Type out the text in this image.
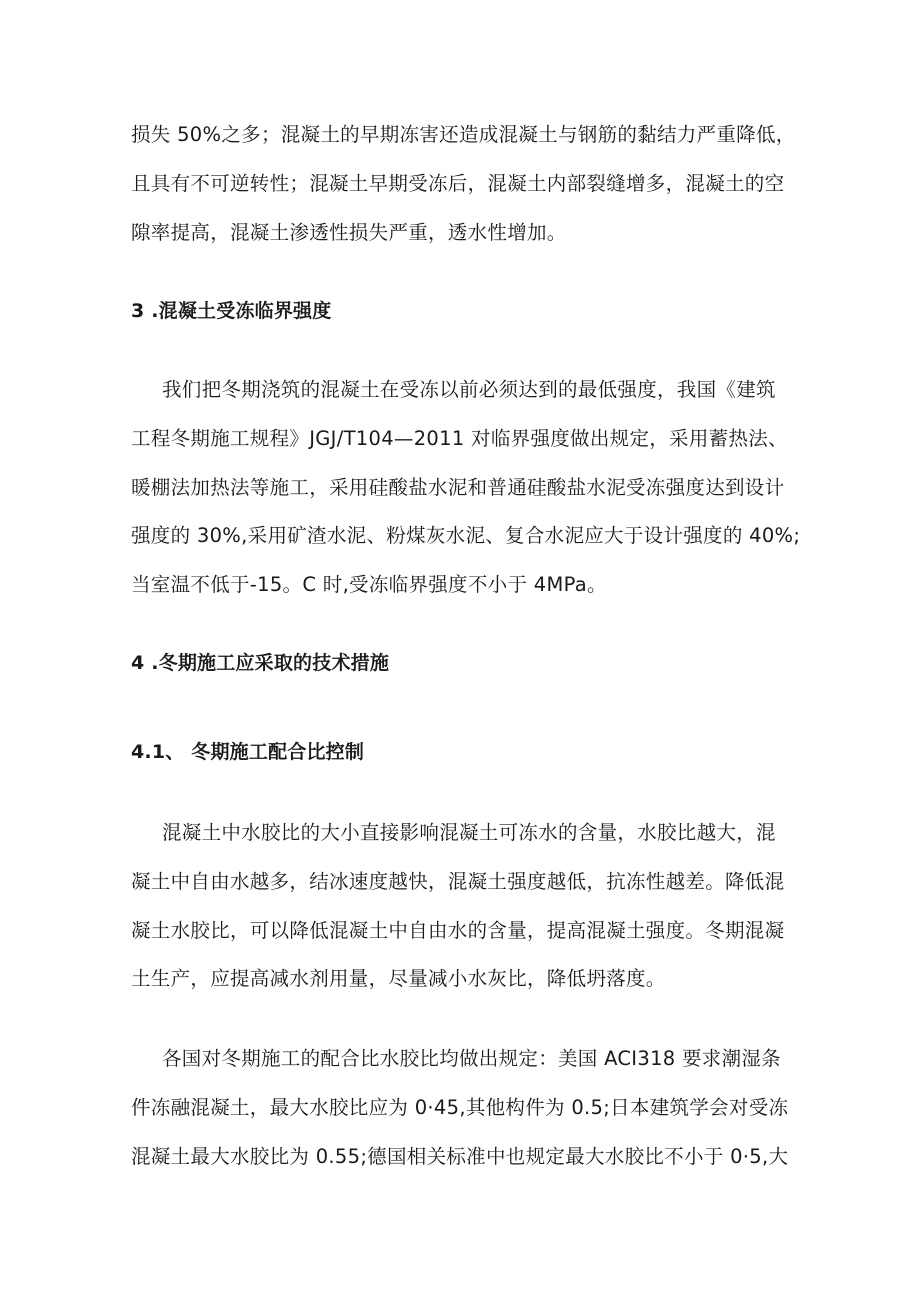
损失 50%之多；混凝土的早期冻害还造成混凝土与钢筋的黏结力严重降低，
且具有不可逆转性；混凝土早期受冻后，混凝土内部裂缝增多，混凝土的空
隙率提高，混凝土渗透性损失严重，透水性增加。
3 .混凝土受冻临界强度
我们把冬期浇筑的混凝土在受冻以前必须达到的最低强度，我国《建筑
工程冬期施工规程》JGJ/T104—2011 对临界强度做出规定，采用蓄热法、
暖棚法加热法等施工，采用硅酸盐水泥和普通硅酸盐水泥受冻强度达到设计
强度的 30%,采用矿渣水泥、粉煤灰水泥、复合水泥应大于设计强度的 40%;
当室温不低于-15。C 时,受冻临界强度不小于 4MPa。
4 .冬期施工应采取的技术措施
4.1、 冬期施工配合比控制
混凝土中水胶比的大小直接影响混凝土可冻水的含量，水胶比越大，混
凝土中自由水越多，结冰速度越快，混凝土强度越低，抗冻性越差。降低混
凝土水胶比，可以降低混凝土中自由水的含量，提高混凝土强度。冬期混凝
土生产，应提高减水剂用量，尽量减小水灰比，降低坍落度。
各国对冬期施工的配合比水胶比均做出规定：美国 ACI318 要求潮湿条
件冻融混凝土，最大水胶比应为 0·45,其他构件为 0.5;日本建筑学会对受冻
混凝土最大水胶比为 0.55;德国相关标准中也规定最大水胶比不小于 0·5,大
